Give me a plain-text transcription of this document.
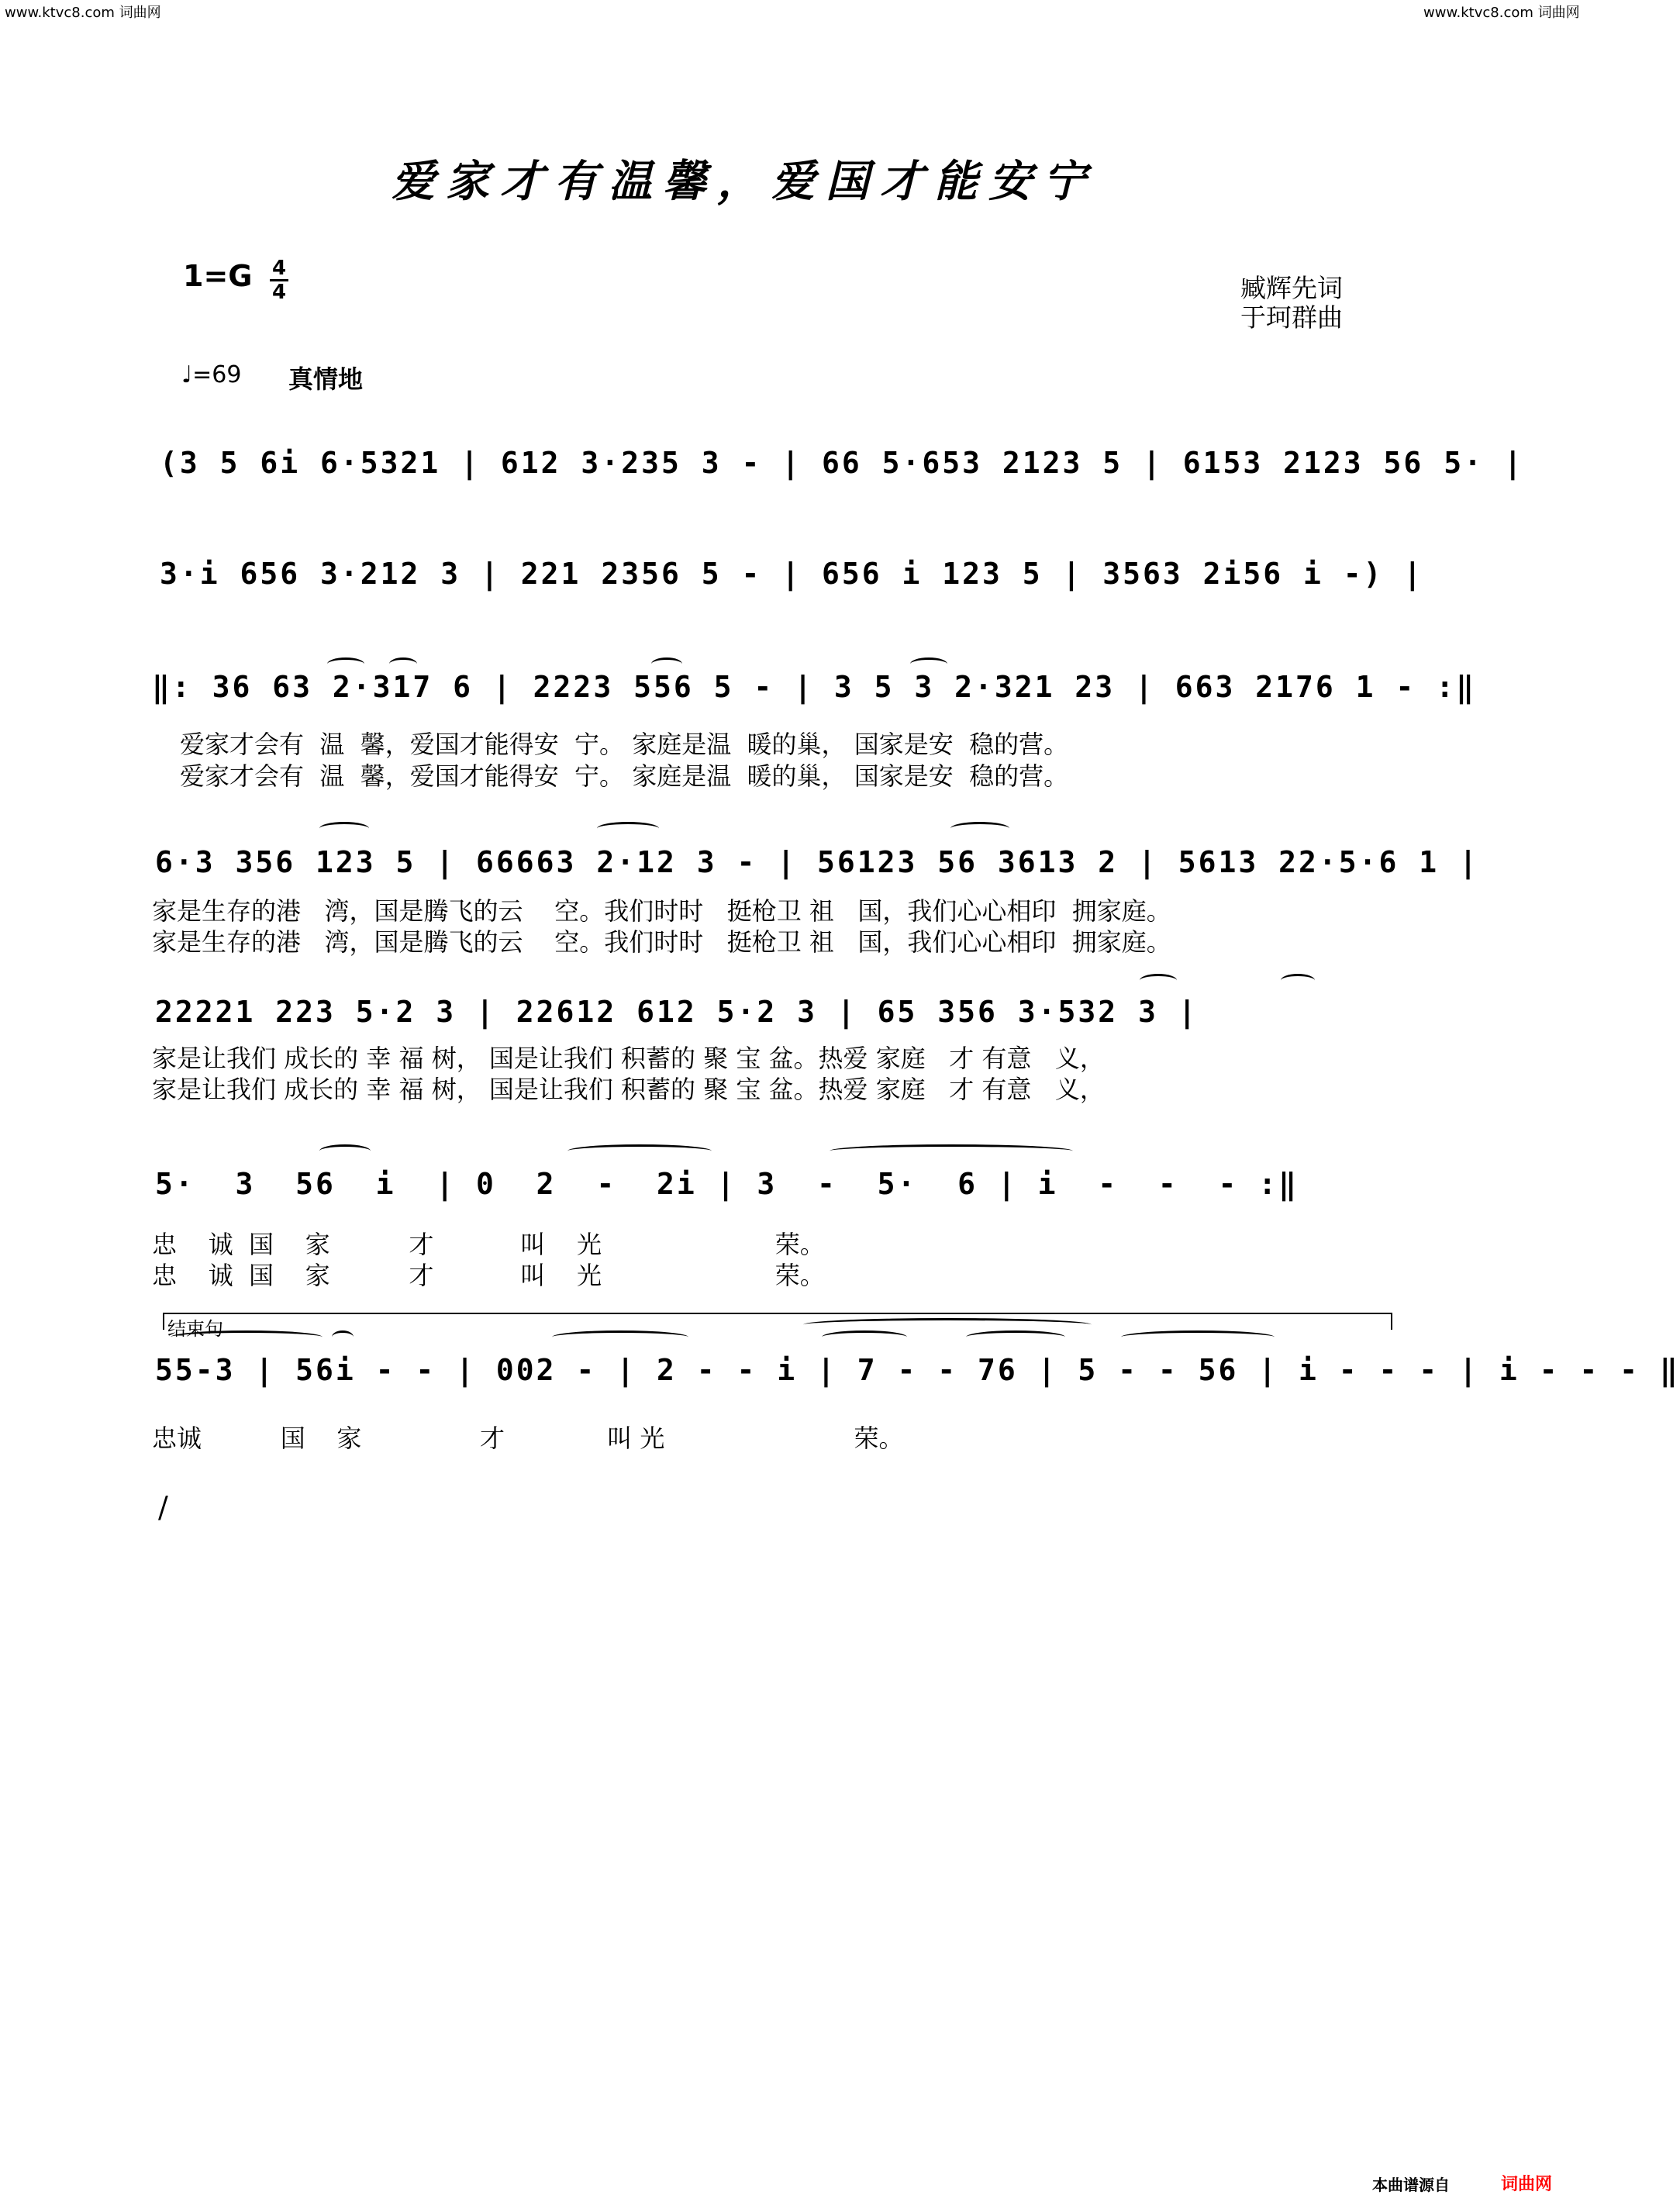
www.ktvc8.com 词曲网	www.ktvc8.com 词曲网
爱家才有温馨，爱国才能安宁
$1=G \frac{4}{4}$	臧辉先词
于珂群曲
♩=69 真情地
(3 5 6i 6·5321 | 612 3·235 3 - | 66 5·653 2123 5 | 6153 2123 56 5· |
3·i 656 3·212 3 | 221 2356 5 - | 656 i 123 5 | 3563 2i56 i -) |
‖: 36 63 2·317 6 | 2223 556 5 - | 3 5 3 2·321 23 | 663 2176 1 - :‖
爱家才会有  温  馨，爱国才能得安  宁。 家庭是温  暖的巢， 国家是安  稳的营。
爱家才会有  温  馨，爱国才能得安  宁。 家庭是温  暖的巢， 国家是安  稳的营。
6·3 356 123 5 | 66663 2·12 3 - | 56123 56 3613 2 | 5613 22·5·6 1 |
家是生存的港   湾，国是腾飞的云    空。我们时时   挺枪卫 祖   国，我们心心相印  拥家庭。
家是生存的港   湾，国是腾飞的云    空。我们时时   挺枪卫 祖   国，我们心心相印  拥家庭。
22221 223 5·2 3 | 22612 612 5·2 3 | 65 356 3·532 3 |
家是让我们 成长的 幸 福 树， 国是让我们 积蓄的 聚 宝 盆。热爱 家庭   才 有意   义，
家是让我们 成长的 幸 福 树， 国是让我们 积蓄的 聚 宝 盆。热爱 家庭   才 有意   义，
5·  3  56  i  | 0  2  -  2i | 3  -  5·  6 | i  -  -  - :‖
忠    诚  国    家          才           叫    光                      荣。
忠    诚  国    家          才           叫    光                      荣。
结束句
55-3 | 56i - - | 002 - | 2 - - i | 7 - - 76 | 5 - - 56 | i - - - | i - - - ‖
忠诚          国    家               才             叫 光                        荣。
/
本曲谱源自	词曲网
